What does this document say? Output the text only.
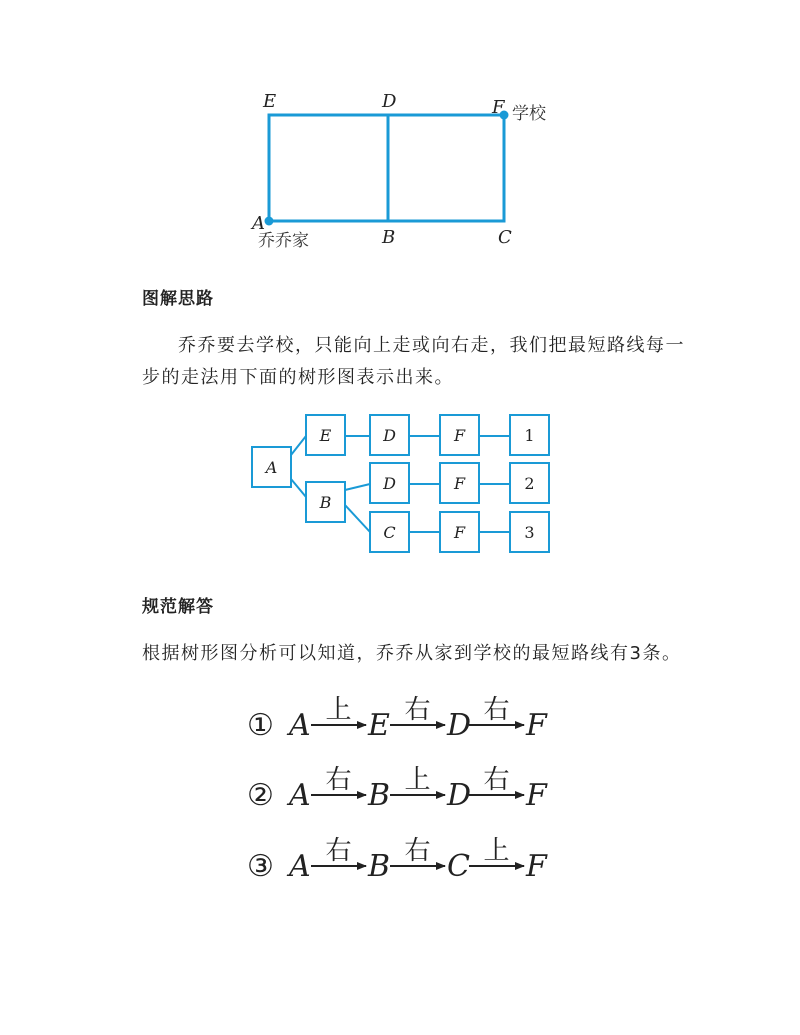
E	D	F 学校
A
乔乔家	B	C
图解思路
乔乔要去学校，只能向上走或向右走，我们把最短路线每一步的走法用下面的树形图表示出来。
A
E
B
D
D
C
F
F
F
1
2
3
规范解答
根据树形图分析可以知道，乔乔从家到学校的最短路线有3条。
① A 上 E 右 D 右 F
② A 右 B 上 D 右 F
③ A 右 B 右 C 上 F
